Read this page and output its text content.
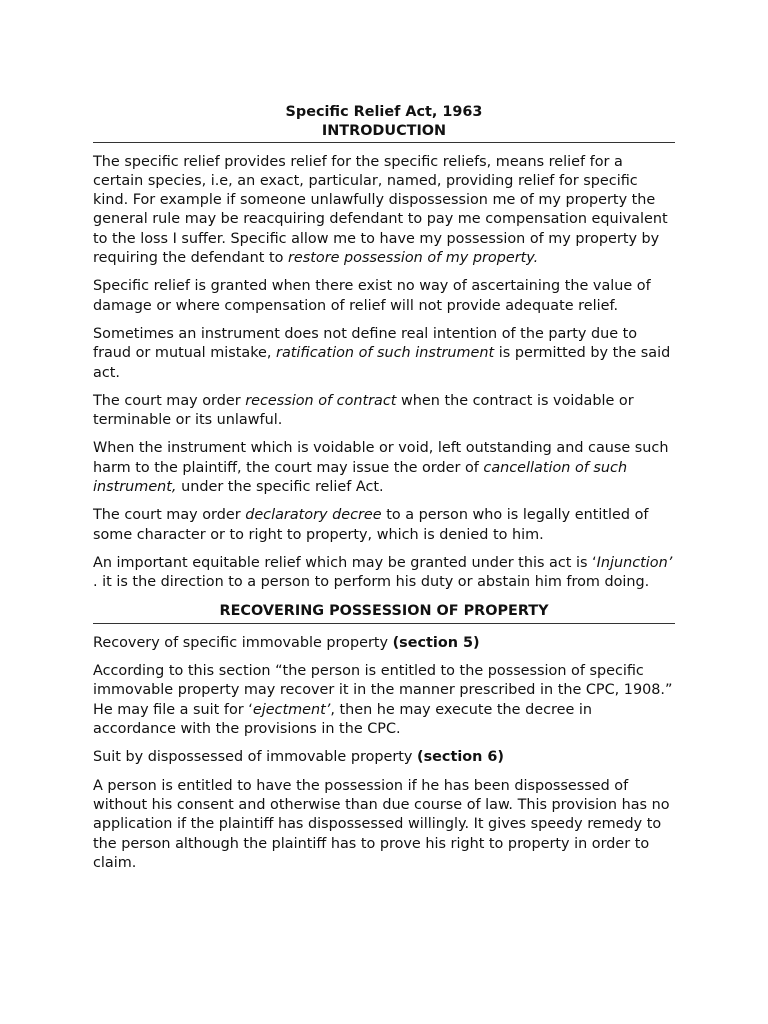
Specific Relief Act, 1963
INTRODUCTION

The specific relief provides relief for the specific reliefs, means relief for a certain species, i.e, an exact, particular, named, providing relief for specific kind. For example if someone unlawfully dispossession me of my property the general rule may be reacquiring defendant to pay me compensation equivalent to the loss I suffer. Specific allow me to have my possession of my property by requiring the defendant to restore possession of my property.

Specific relief is granted when there exist no way of ascertaining the value of damage or where compensation of relief will not provide adequate relief.

Sometimes an instrument does not define real intention of the party due to fraud or mutual mistake, ratification of such instrument is permitted by the said act.

The court may order recession of contract when the contract is voidable or terminable or its unlawful.

When the instrument which is voidable or void, left outstanding and cause such harm to the plaintiff, the court may issue the order of cancellation of such instrument, under the specific relief Act.

The court may order declaratory decree to a person who is legally entitled of some character or to right to property, which is denied to him.

An important equitable relief which may be granted under this act is ‘Injunction’ . it is the direction to a person to perform his duty or abstain him from doing.

RECOVERING POSSESSION OF PROPERTY

Recovery of specific immovable property (section 5)

According to this section “the person is entitled to the possession of specific immovable property may recover it in the manner prescribed in the CPC, 1908.” He may file a suit for ‘ejectment’, then he may execute the decree in accordance with the provisions in the CPC.

Suit by dispossessed of immovable property (section 6)

A person is entitled to have the possession if he has been dispossessed of without his consent and otherwise than due course of law. This provision has no application if the plaintiff has dispossessed willingly. It gives speedy remedy to the person although the plaintiff has to prove his right to property in order to claim.
